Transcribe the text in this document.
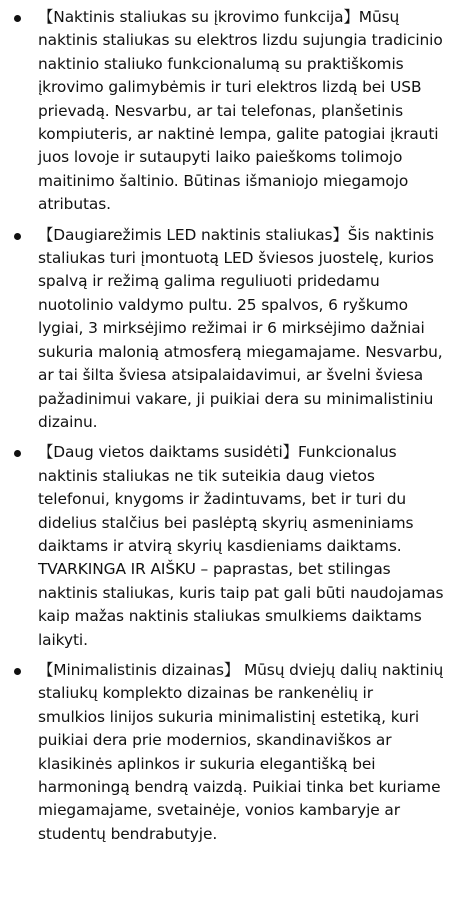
【Naktinis staliukas su įkrovimo funkcija】Mūsų naktinis staliukas su elektros lizdu sujungia tradicinio naktinio staliuko funkcionalumą su praktiškomis įkrovimo galimybėmis ir turi elektros lizdą bei USB prievadą. Nesvarbu, ar tai telefonas, planšetinis kompiuteris, ar naktinė lempa, galite patogiai įkrauti juos lovoje ir sutaupyti laiko paieškoms tolimojo maitinimo šaltinio. Būtinas išmaniojo miegamojo atributas.
【Daugiarežimis LED naktinis staliukas】Šis naktinis staliukas turi įmontuotą LED šviesos juostelę, kurios spalvą ir režimą galima reguliuoti pridedamu nuotolinio valdymo pultu. 25 spalvos, 6 ryškumo lygiai, 3 mirksėjimo režimai ir 6 mirksėjimo dažniai sukuria malonią atmosferą miegamajame. Nesvarbu, ar tai šilta šviesa atsipalaidavimui, ar švelni šviesa pažadinimui vakare, ji puikiai dera su minimalistiniu dizainu.
【Daug vietos daiktams susidėti】Funkcionalus naktinis staliukas ne tik suteikia daug vietos telefonui, knygoms ir žadintuvams, bet ir turi du didelius stalčius bei paslėptą skyrių asmeniniams daiktams ir atvirą skyrių kasdieniams daiktams. TVARKINGA IR AIŠKU – paprastas, bet stilingas naktinis staliukas, kuris taip pat gali būti naudojamas kaip mažas naktinis staliukas smulkiems daiktams laikyti.
【Minimalistinis dizainas】 Mūsų dviejų dalių naktinių staliukų komplekto dizainas be rankenėlių ir smulkios linijos sukuria minimalistinį estetiką, kuri puikiai dera prie modernios, skandinaviškos ar klasikinės aplinkos ir sukuria elegantišką bei harmoningą bendrą vaizdą. Puikiai tinka bet kuriame miegamajame, svetainėje, vonios kambaryje ar studentų bendrabutyje.
